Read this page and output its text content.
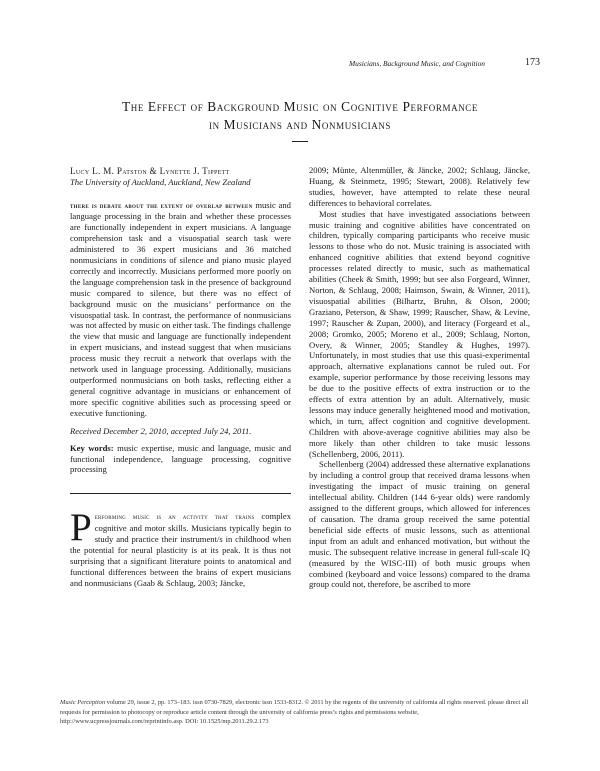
Musicians, Background Music, and Cognition	173
The Effect of Background Music on Cognitive Performance
in Musicians and Nonmusicians
Lucy L. M. Patston & Lynette J. Tippett
The University of Auckland, Auckland, New Zealand

there is debate about the extent of overlap between music and language processing in the brain and whether these processes are functionally independent in expert musicians. A language comprehension task and a visuospatial search task were administered to 36 expert musicians and 36 matched nonmusicians in conditions of silence and piano music played correctly and incorrectly. Musicians performed more poorly on the language comprehension task in the presence of background music compared to silence, but there was no effect of background music on the musicians’ performance on the visuospatial task. In contrast, the performance of nonmusicians was not affected by music on either task. The findings challenge the view that music and language are functionally independent in expert musicians, and instead suggest that when musicians process music they recruit a network that overlaps with the network used in language processing. Additionally, musicians outperformed nonmusicians on both tasks, reflecting either a general cognitive advantage in musicians or enhancement of more specific cognitive abilities such as processing speed or executive functioning.

Received December 2, 2010, accepted July 24, 2011.
Key words: music expertise, music and language, music and functional independence, language processing, cognitive processing
Performing music is an activity that trains complex cognitive and motor skills. Musicians typically begin to study and practice their instrument/s in childhood when the potential for neural plasticity is at its peak. It is thus not surprising that a significant literature points to anatomical and functional differences between the brains of expert musicians and nonmusicians (Gaab & Schlaug, 2003; Jäncke,

2009; Münte, Altenmüller, & Jäncke, 2002; Schlaug, Jäncke, Huang, & Steinmetz, 1995; Stewart, 2008). Relatively few studies, however, have attempted to relate these neural differences to behavioral correlates.

Most studies that have investigated associations between music training and cognitive abilities have concentrated on children, typically comparing participants who receive music lessons to those who do not. Music training is associated with enhanced cognitive abilities that extend beyond cognitive processes related directly to music, such as mathematical abilities (Cheek & Smith, 1999; but see also Forgeard, Winner, Norton, & Schlaug, 2008; Haimson, Swain, & Winner, 2011), visuospatial abilities (Bilhartz, Bruhn, & Olson, 2000; Graziano, Peterson, & Shaw, 1999; Rauscher, Shaw, & Levine, 1997; Rauscher & Zupan, 2000), and literacy (Forgeard et al., 2008; Gromko, 2005; Moreno et al., 2009; Schlaug, Norton, Overy, & Winner, 2005; Standley & Hughes, 1997). Unfortunately, in most studies that use this quasi-experimental approach, alternative explanations cannot be ruled out. For example, superior performance by those receiving lessons may be due to the positive effects of extra instruction or to the effects of extra attention by an adult. Alternatively, music lessons may induce generally heightened mood and motivation, which, in turn, affect cognition and cognitive development. Children with above-average cognitive abilities may also be more likely than other children to take music lessons (Schellenberg, 2006, 2011).

Schellenberg (2004) addressed these alternative explanations by including a control group that received drama lessons when investigating the impact of music training on general intellectual ability. Children (144 6-year olds) were randomly assigned to the different groups, which allowed for inferences of causation. The drama group received the same potential beneficial side effects of music lessons, such as attentional input from an adult and enhanced motivation, but without the music. The subsequent relative increase in general full-scale IQ (measured by the WISC-III) of both music groups when combined (keyboard and voice lessons) compared to the drama group could not, therefore, be ascribed to more

Music Perception volume 29, issue 2, pp. 173–183. issn 0730-7829, electronic issn 1533-8312. © 2011 by the regents of the university of california all rights reserved. please direct all requests for permission to photocopy or reproduce article content through the university of california press’s rights and permissions website, http://www.ucpressjournals.com/reprintinfo.asp. DOI: 10.1525/mp.2011.29.2.173
